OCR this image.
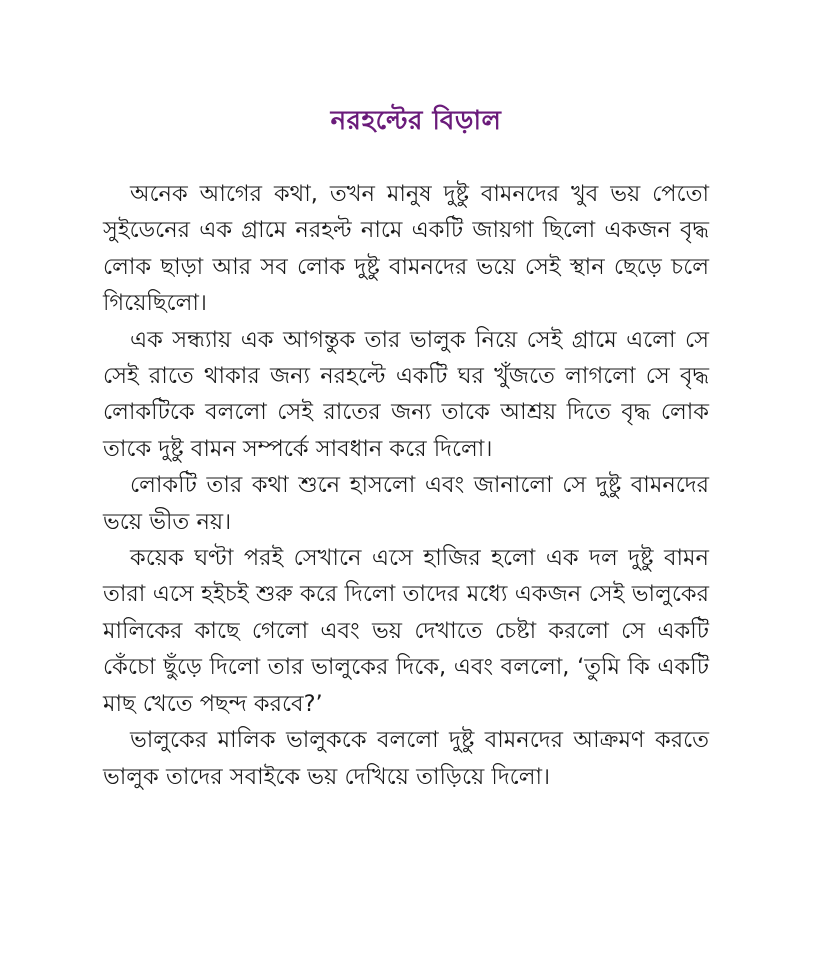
নরহল্টের বিড়াল

অনেক আগের কথা, তখন মানুষ দুষ্টু বামনদের খুব ভয় পেতো সুইডেনের এক গ্রামে নরহল্ট নামে একটি জায়গা ছিলো একজন বৃদ্ধ লোক ছাড়া আর সব লোক দুষ্টু বামনদের ভয়ে সেই স্থান ছেড়ে চলে গিয়েছিলো।

এক সন্ধ্যায় এক আগন্তুক তার ভালুক নিয়ে সেই গ্রামে এলো সে সেই রাতে থাকার জন্য নরহল্টে একটি ঘর খুঁজতে লাগলো সে বৃদ্ধ লোকটিকে বললো সেই রাতের জন্য তাকে আশ্রয় দিতে বৃদ্ধ লোক তাকে দুষ্টু বামন সম্পর্কে সাবধান করে দিলো।

লোকটি তার কথা শুনে হাসলো এবং জানালো সে দুষ্টু বামনদের ভয়ে ভীত নয়।

কয়েক ঘণ্টা পরই সেখানে এসে হাজির হলো এক দল দুষ্টু বামন তারা এসে হইচই শুরু করে দিলো তাদের মধ্যে একজন সেই ভালুকের মালিকের কাছে গেলো এবং ভয় দেখাতে চেষ্টা করলো সে একটি কেঁচো ছুঁড়ে দিলো তার ভালুকের দিকে, এবং বললো, ‘তুমি কি একটি মাছ খেতে পছন্দ করবে?’

ভালুকের মালিক ভালুককে বললো দুষ্টু বামনদের আক্রমণ করতে ভালুক তাদের সবাইকে ভয় দেখিয়ে তাড়িয়ে দিলো।
